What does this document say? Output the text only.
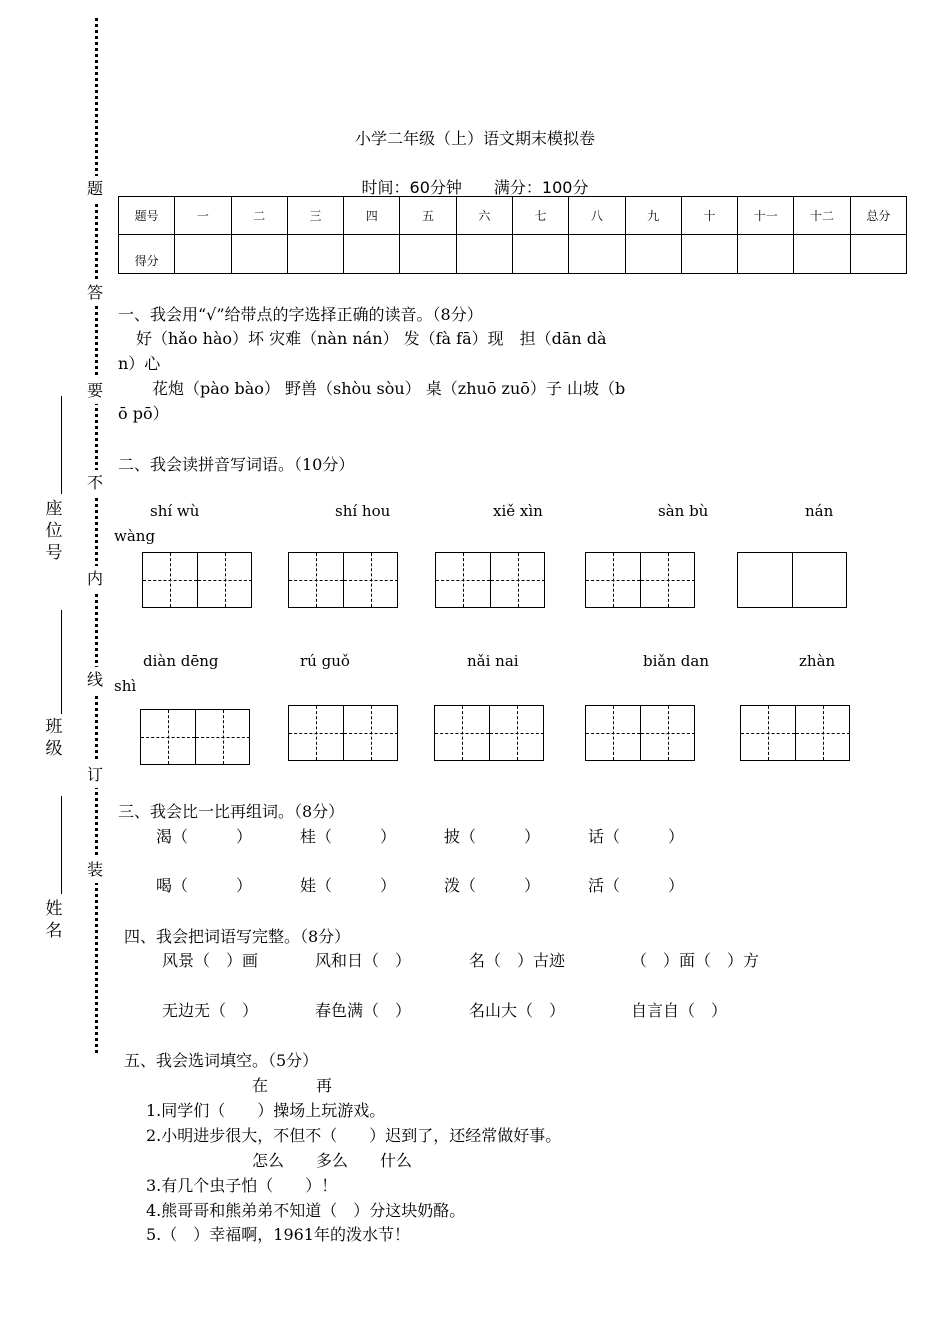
题
答
要
不
内
线
订
装
座位号
班级
姓名
小学二年级（上）语文期末模拟卷
时间：60分钟　　满分：100分
题号	一	二	三	四	五	六	七	八	九	十	十一	十二	总分
得分													
一、我会用“√”给带点的字选择正确的读音。（8分）
好（hǎo hào）坏 灾难（nàn nán） 发（fà fā）现　担（dān dà
n）心
花炮（pào bào） 野兽（shòu sòu） 桌（zhuō zuō）子 山坡（b
ō pō）
二、我会读拼音写词语。（10分）
shí wù	shí hou	xiě xìn	sàn bù	nán
wàng
diàn dēng	rú guǒ	nǎi nai	biǎn dan	zhàn
shì
三、我会比一比再组词。（8分）
渴（　　　）	桂（　　　）	披（　　　）	话（　　　）
喝（　　　）	娃（　　　）	泼（　　　）	活（　　　）
四、我会把词语写完整。（8分）
风景（　）画	风和日（　）	名（　）古迹	（　）面（　）方
无边无（　）	春色满（　）	名山大（　）	自言自（　）
五、我会选词填空。（5分）
在　　　再
1.同学们（　　）操场上玩游戏。
2.小明进步很大，不但不（　　）迟到了，还经常做好事。
怎么　　多么　　什么
3.有几个虫子怕（　　）！
4.熊哥哥和熊弟弟不知道（　）分这块奶酪。
5.（　）幸福啊，1961年的泼水节！
